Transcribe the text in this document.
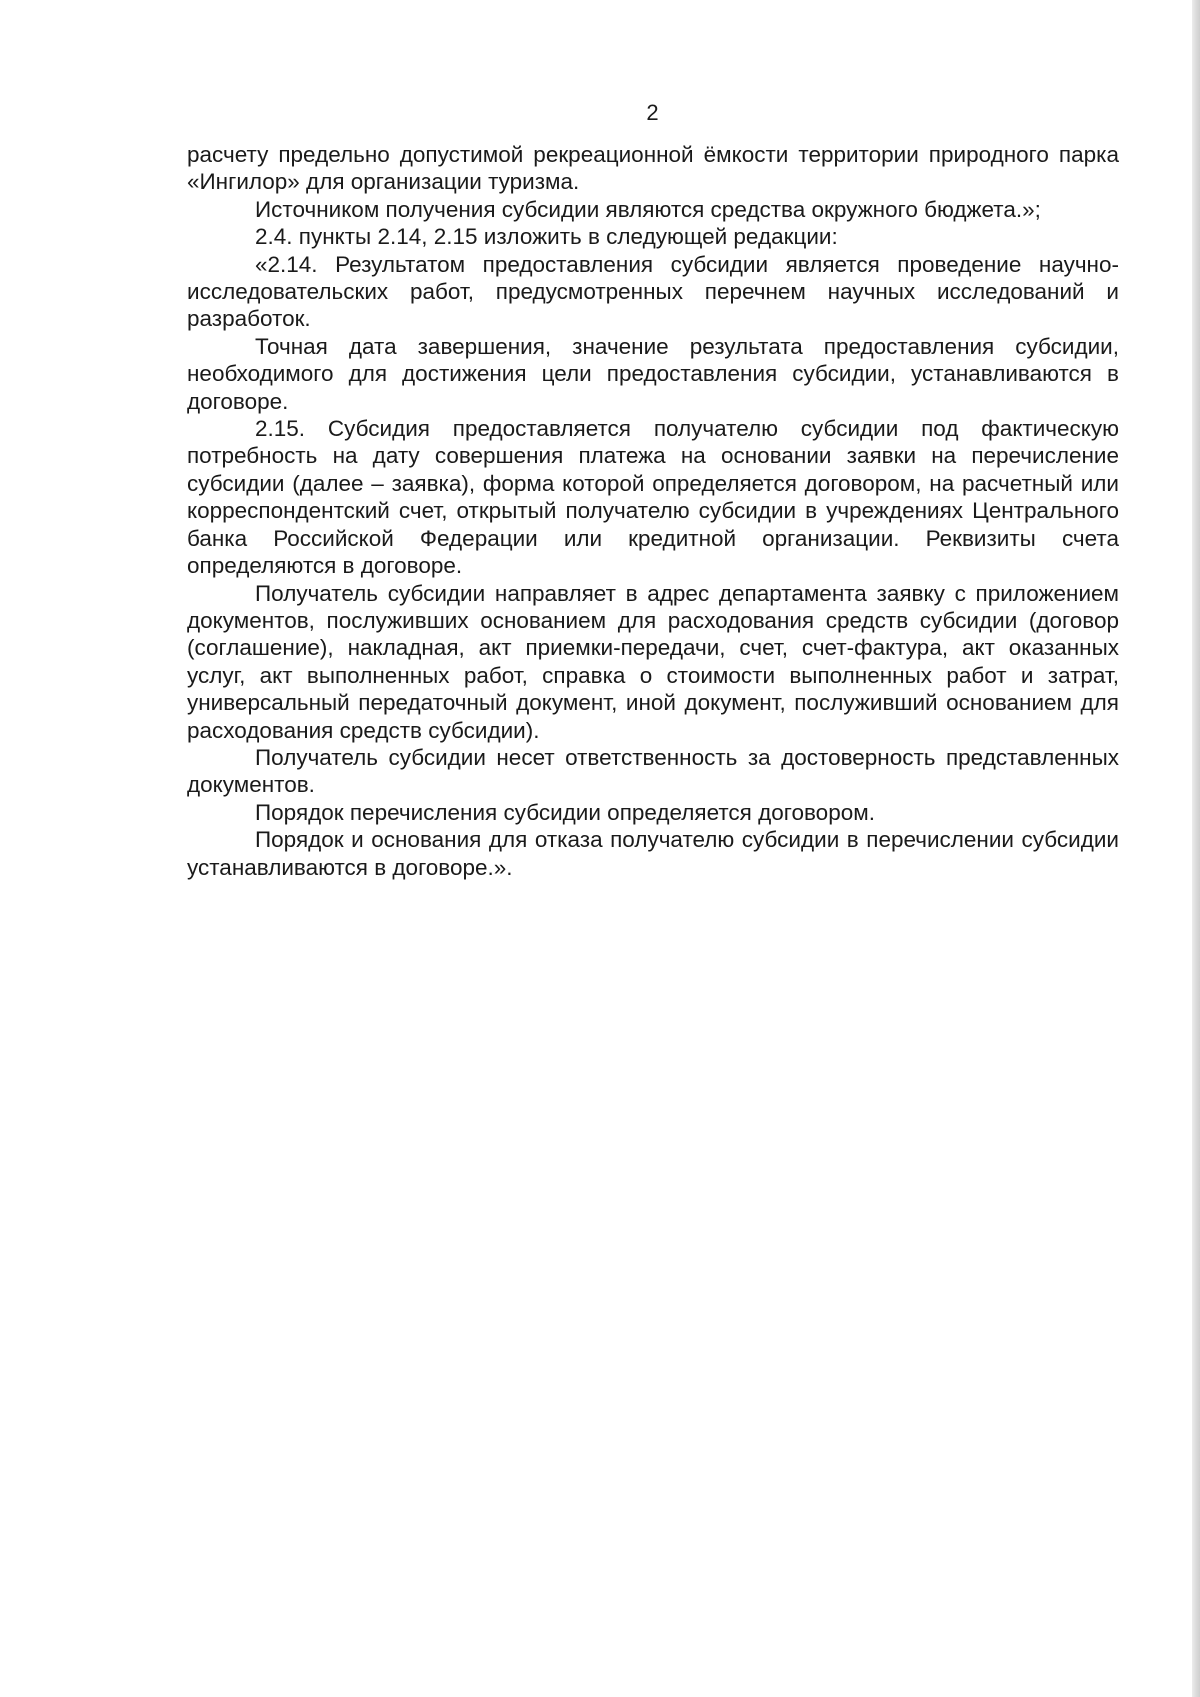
2

расчету предельно допустимой рекреационной ёмкости территории природного парка «Ингилор» для организации туризма.

Источником получения субсидии являются средства окружного бюджета.»;

2.4. пункты 2.14, 2.15 изложить в следующей редакции:

«2.14. Результатом предоставления субсидии является проведение научно-исследовательских работ, предусмотренных перечнем научных исследований и разработок.

Точная дата завершения, значение результата предоставления субсидии, необходимого для достижения цели предоставления субсидии, устанавливаются в договоре.

2.15. Субсидия предоставляется получателю субсидии под фактическую потребность на дату совершения платежа на основании заявки на перечисление субсидии (далее – заявка), форма которой определяется договором, на расчетный или корреспондентский счет, открытый получателю субсидии в учреждениях Центрального банка Российской Федерации или кредитной организации. Реквизиты счета определяются в договоре.

Получатель субсидии направляет в адрес департамента заявку с приложением документов, послуживших основанием для расходования средств субсидии (договор (соглашение), накладная, акт приемки-передачи, счет, счет-фактура, акт оказанных услуг, акт выполненных работ, справка о стоимости выполненных работ и затрат, универсальный передаточный документ, иной документ, послуживший основанием для расходования средств субсидии).

Получатель субсидии несет ответственность за достоверность представленных документов.

Порядок перечисления субсидии определяется договором.

Порядок и основания для отказа получателю субсидии в перечислении субсидии устанавливаются в договоре.».
